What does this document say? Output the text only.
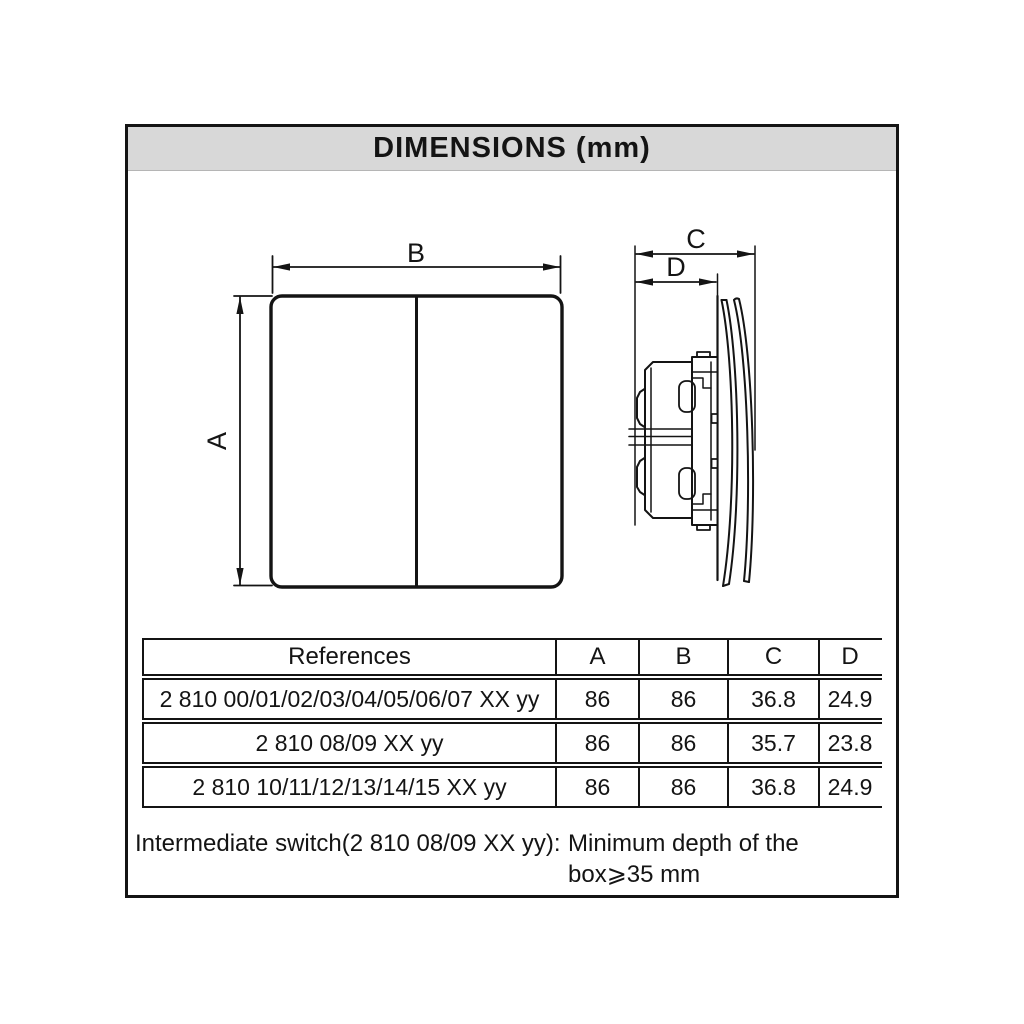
DIMENSIONS (mm)
B
A
C
D
References	A	B	C	D
2 810 00/01/02/03/04/05/06/07 XX yy	86	86	36.8	24.9
2 810 08/09 XX yy	86	86	35.7	23.8
2 810 10/11/12/13/14/15 XX yy	86	86	36.8	24.9
Intermediate switch(2 810 08/09 XX yy): Minimum depth of the
box⩾35 mm
